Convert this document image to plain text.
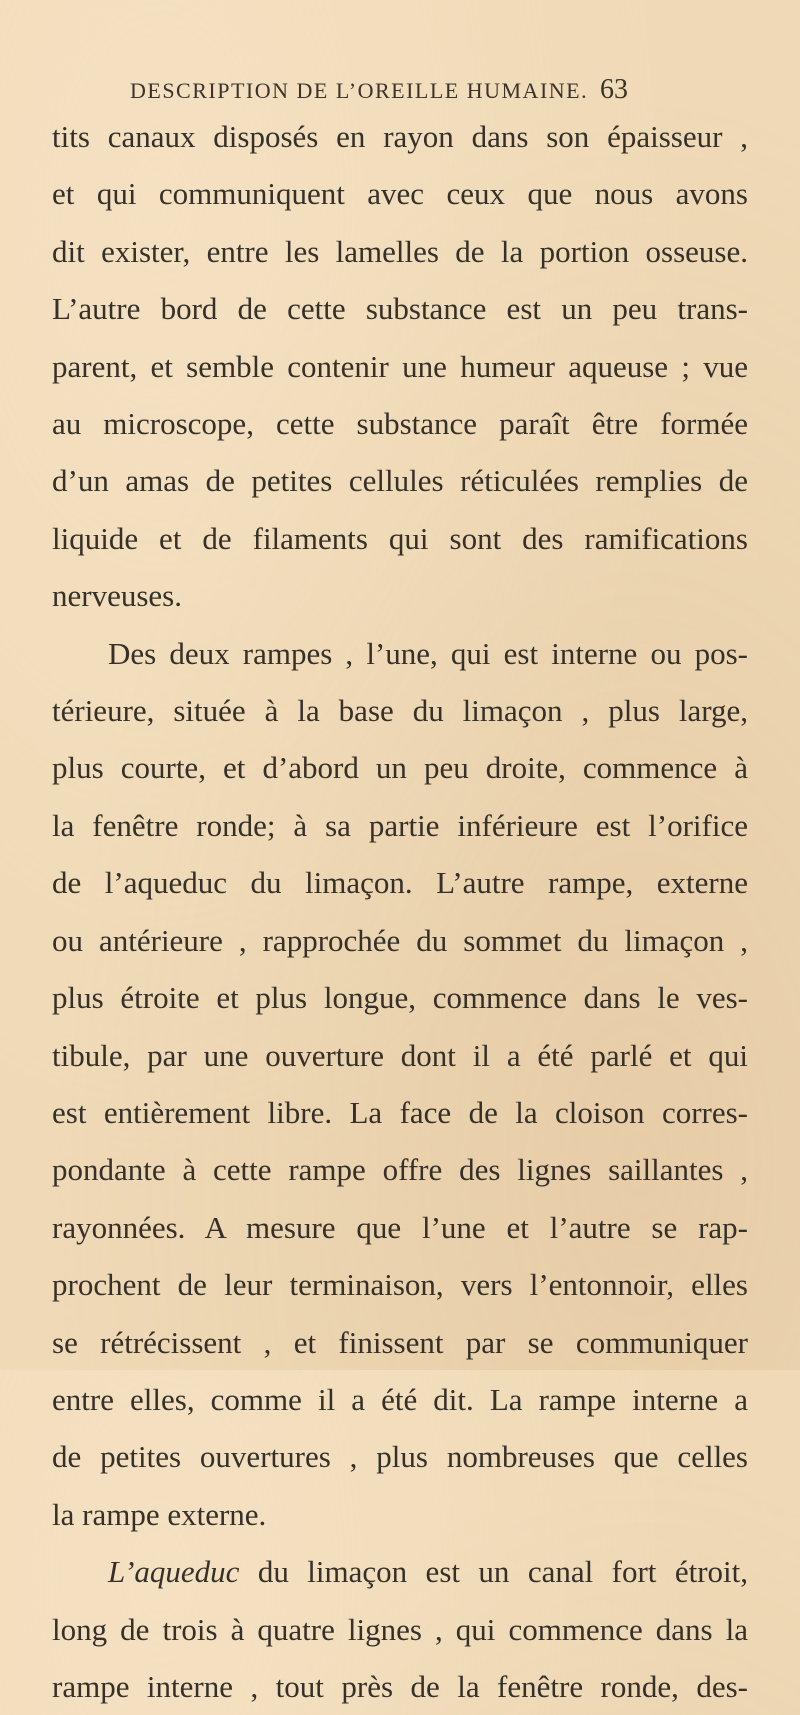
DESCRIPTION DE L’OREILLE HUMAINE. 63
tits canaux disposés en rayon dans son épaisseur ,
et qui communiquent avec ceux que nous avons
dit exister, entre les lamelles de la portion osseuse.
L’autre bord de cette substance est un peu trans-
parent, et semble contenir une humeur aqueuse ; vue
au microscope, cette substance paraît être formée
d’un amas de petites cellules réticulées remplies de
liquide et de filaments qui sont des ramifications
nerveuses.
Des deux rampes , l’une, qui est interne ou pos-
térieure, située à la base du limaçon , plus large,
plus courte, et d’abord un peu droite, commence à
la fenêtre ronde; à sa partie inférieure est l’orifice
de l’aqueduc du limaçon. L’autre rampe, externe
ou antérieure , rapprochée du sommet du limaçon ,
plus étroite et plus longue, commence dans le ves-
tibule, par une ouverture dont il a été parlé et qui
est entièrement libre. La face de la cloison corres-
pondante à cette rampe offre des lignes saillantes ,
rayonnées. A mesure que l’une et l’autre se rap-
prochent de leur terminaison, vers l’entonnoir, elles
se rétrécissent , et finissent par se communiquer
entre elles, comme il a été dit. La rampe interne a
de petites ouvertures , plus nombreuses que celles
la rampe externe.
L’aqueduc du limaçon est un canal fort étroit,
long de trois à quatre lignes , qui commence dans la
rampe interne , tout près de la fenêtre ronde, des-
